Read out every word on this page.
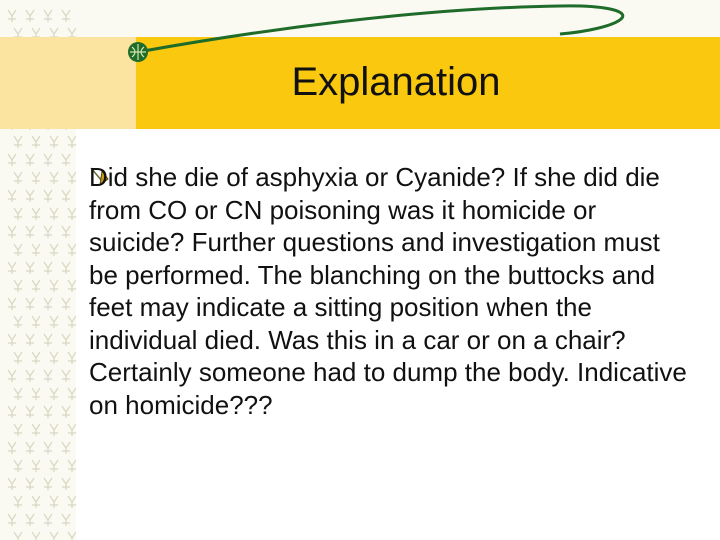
Explanation
Did she die of asphyxia or Cyanide? If she did die from CO or CN poisoning was it homicide or suicide? Further questions and investigation must be performed. The blanching on the buttocks and feet may indicate a sitting position when the individual died. Was this in a car or on a chair? Certainly someone had to dump the body. Indicative on homicide???
